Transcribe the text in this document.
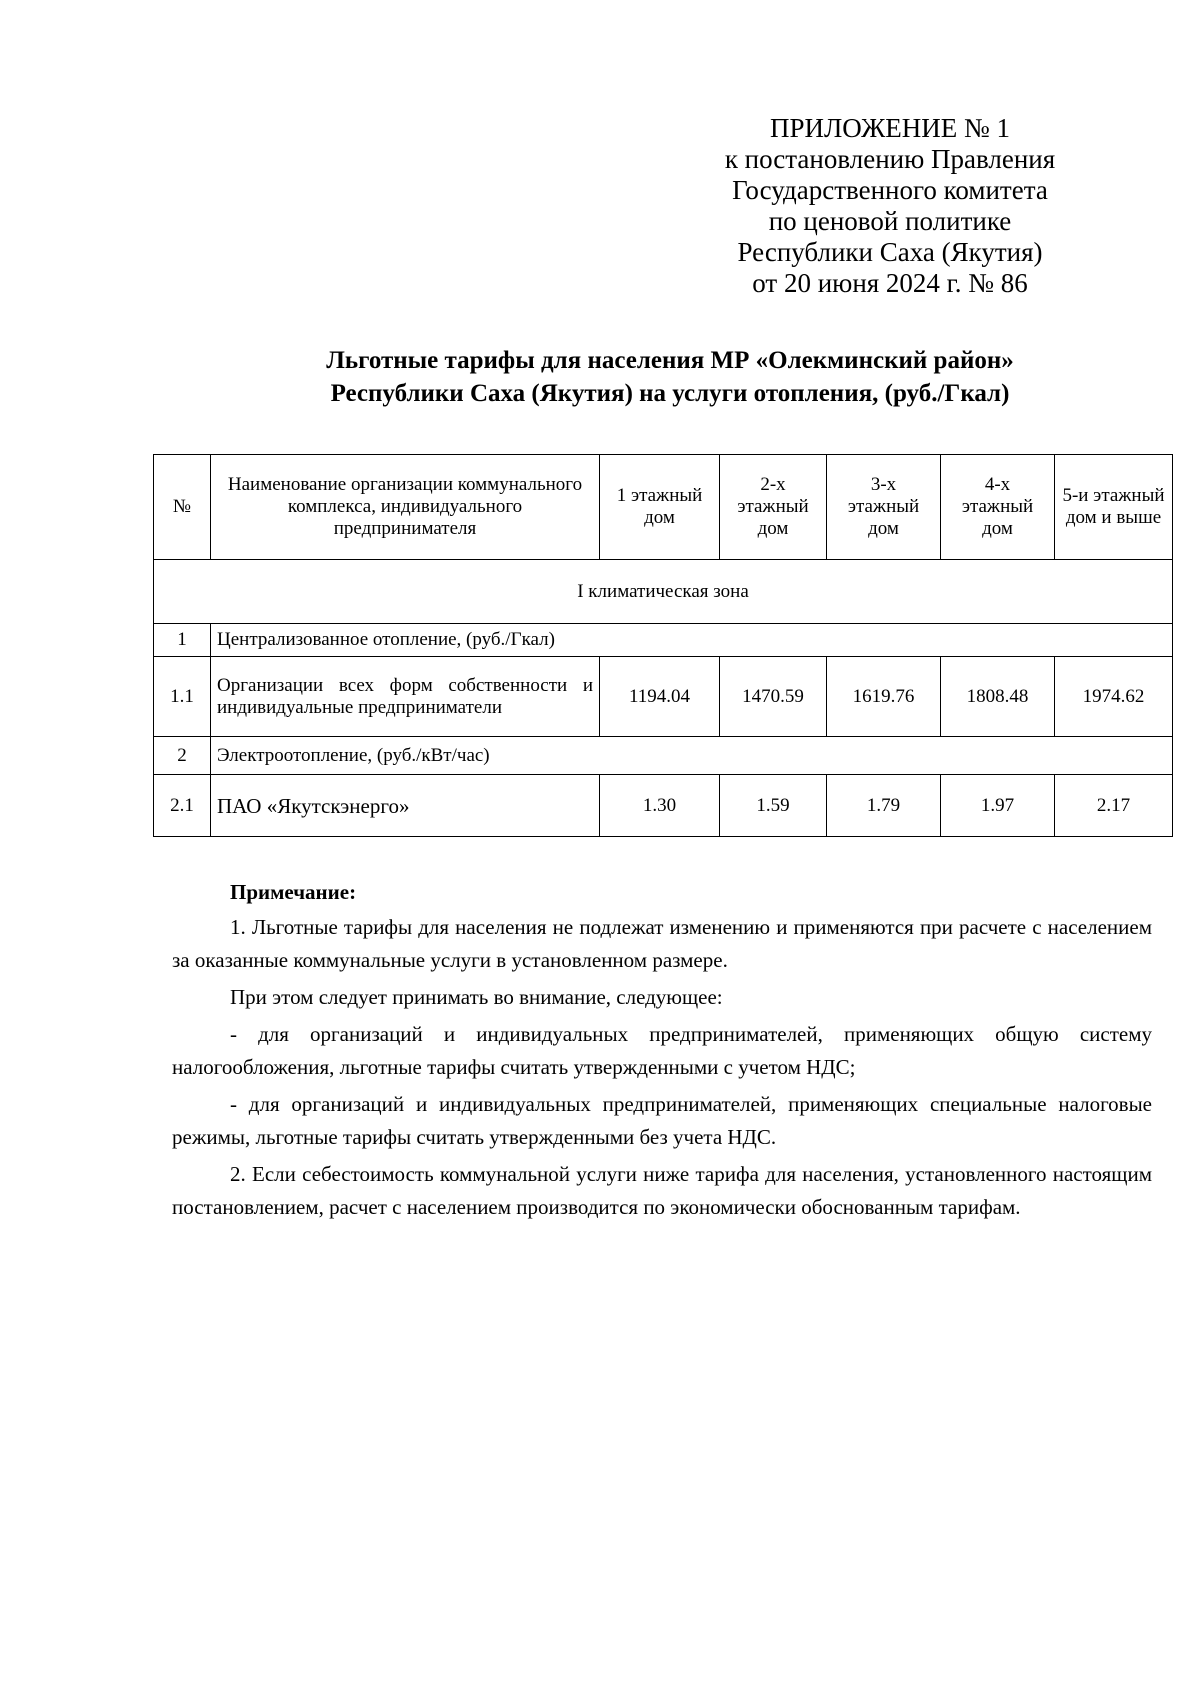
ПРИЛОЖЕНИЕ № 1
к постановлению Правления
Государственного комитета
по ценовой политике
Республики Саха (Якутия)
от 20 июня 2024 г. № 86
Льготные тарифы для населения МР «Олекминский район»
Республики Саха (Якутия) на услуги отопления, (руб./Гкал)
№	Наименование организации коммунального комплекса, индивидуального предпринимателя	1 этажный дом	2-х этажный дом	3-х этажный дом	4-х этажный дом	5-и этажный дом и выше
I климатическая зона						
1	Централизованное отопление, (руб./Гкал)					
1.1	Организации всех форм собственности и индивидуальные предприниматели	1194.04	1470.59	1619.76	1808.48	1974.62
2	Электроотопление, (руб./кВт/час)					
2.1	ПАО «Якутскэнерго»	1.30	1.59	1.79	1.97	2.17

Примечание:

1. Льготные тарифы для населения не подлежат изменению и применяются при расчете с населением за оказанные коммунальные услуги в установленном размере.

При этом следует принимать во внимание, следующее:

- для организаций и индивидуальных предпринимателей, применяющих общую систему налогообложения, льготные тарифы считать утвержденными с учетом НДС;

- для организаций и индивидуальных предпринимателей, применяющих специальные налоговые режимы, льготные тарифы считать утвержденными без учета НДС.

2. Если себестоимость коммунальной услуги ниже тарифа для населения, установленного настоящим постановлением, расчет с населением производится по экономически обоснованным тарифам.
